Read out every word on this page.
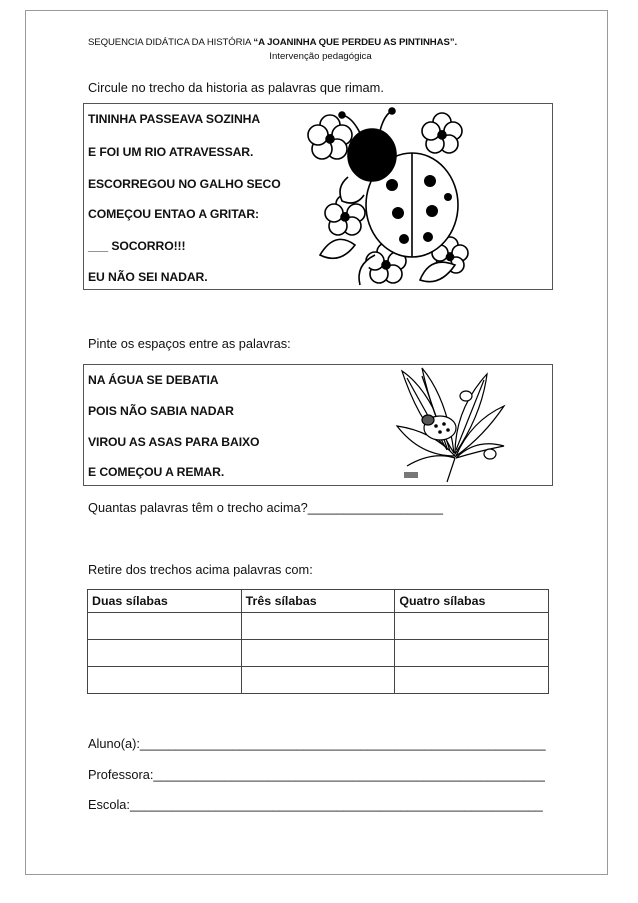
SEQUENCIA DIDÁTICA DA HISTÓRIA “A JOANINHA QUE PERDEU AS PINTINHAS”.
Intervenção pedagógica
Circule no trecho da historia as palavras que rimam.
TININHA PASSEAVA SOZINHA
E FOI UM RIO ATRAVESSAR.
ESCORREGOU NO GALHO SECO
COMEÇOU ENTAO A GRITAR:
___ SOCORRO!!!
EU NÃO SEI NADAR.
Pinte os espaços entre as palavras:
NA ÁGUA SE DEBATIA
POIS NÃO SABIA NADAR
VIROU AS ASAS PARA BAIXO
E COMEÇOU A REMAR.
Quantas palavras têm o trecho acima?___________________
Retire dos trechos acima palavras com:
Duas sílabas	Três sílabas	Quatro sílabas

Aluno(a):_________________________________________________________
Professora:_______________________________________________________
Escola:__________________________________________________________
